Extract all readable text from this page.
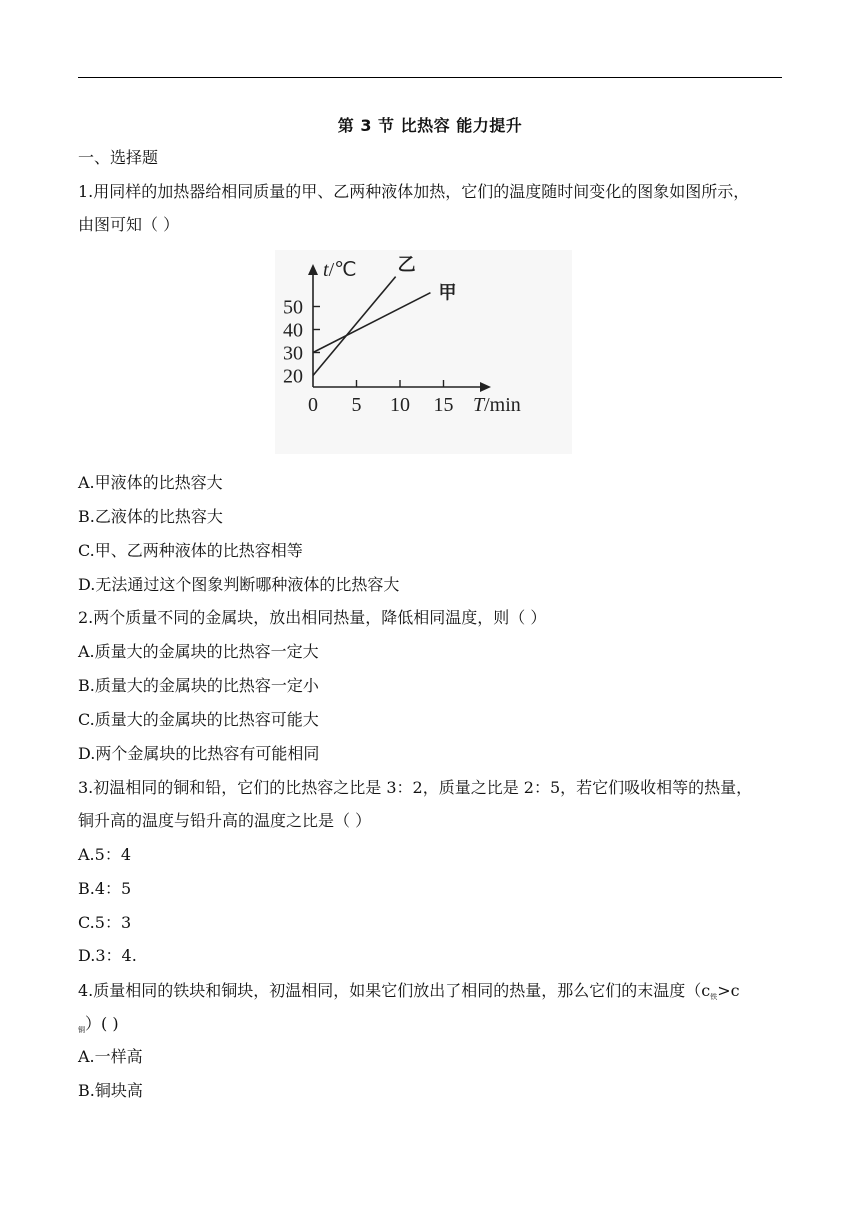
第 3 节 比热容 能力提升
一、选择题
1.用同样的加热器给相同质量的甲、乙两种液体加热，它们的温度随时间变化的图象如图所示，
由图可知（ ）
20
30
40
50
0 5 10 15 T/min
t/℃ 乙
甲
A.甲液体的比热容大
B.乙液体的比热容大
C.甲、乙两种液体的比热容相等
D.无法通过这个图象判断哪种液体的比热容大
2.两个质量不同的金属块，放出相同热量，降低相同温度，则（ ）
A.质量大的金属块的比热容一定大
B.质量大的金属块的比热容一定小
C.质量大的金属块的比热容可能大
D.两个金属块的比热容有可能相同
3.初温相同的铜和铅，它们的比热容之比是 3：2，质量之比是 2：5，若它们吸收相等的热量，
铜升高的温度与铅升高的温度之比是（ ）
A.5：4
B.4：5
C.5：3
D.3：4.
4.质量相同的铁块和铜块，初温相同，如果它们放出了相同的热量，那么它们的末温度（$c_铁>c$
$_铜$）( )
A.一样高
B.铜块高
